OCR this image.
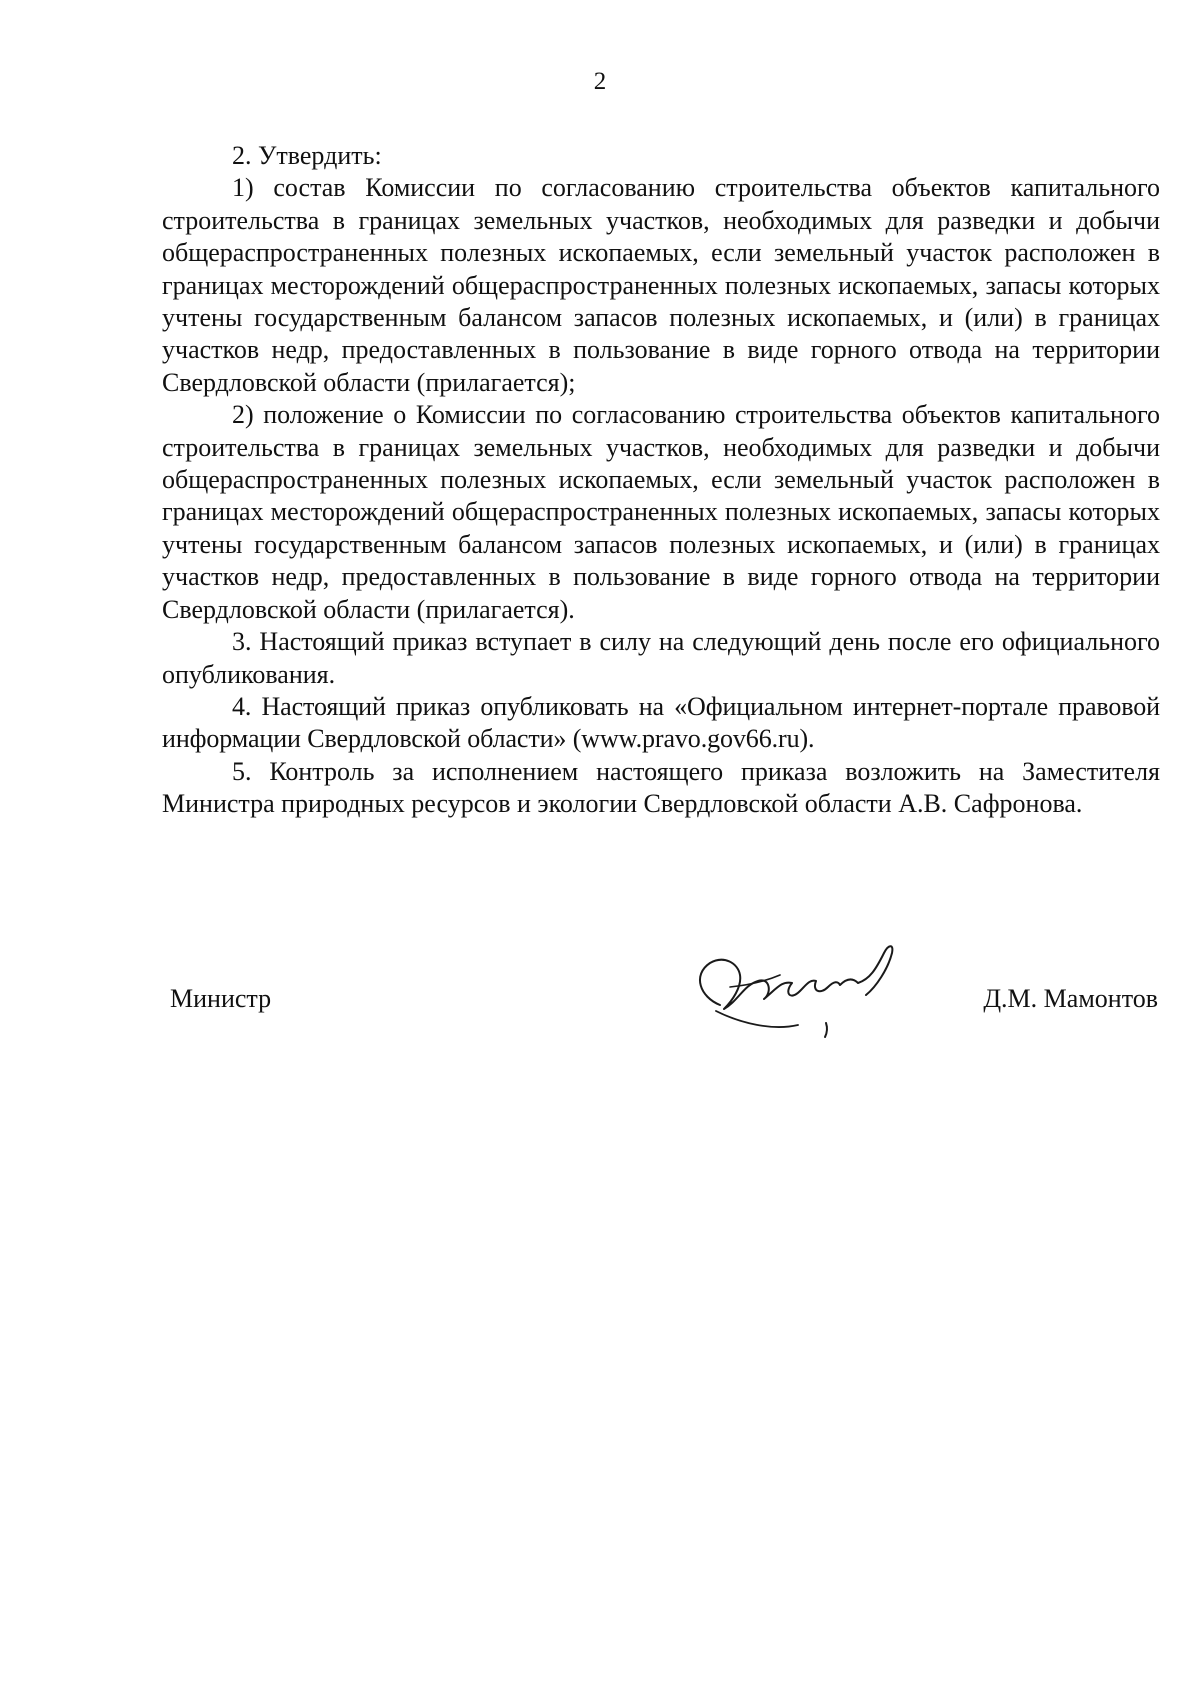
2

2. Утвердить:

1) состав Комиссии по согласованию строительства объектов капитального строительства в границах земельных участков, необходимых для разведки и добычи общераспространенных полезных ископаемых, если земельный участок расположен в границах месторождений общераспространенных полезных ископаемых, запасы которых учтены государственным балансом запасов полезных ископаемых, и (или) в границах участков недр, предоставленных в пользование в виде горного отвода на территории Свердловской области (прилагается);

2) положение о Комиссии по согласованию строительства объектов капитального строительства в границах земельных участков, необходимых для разведки и добычи общераспространенных полезных ископаемых, если земельный участок расположен в границах месторождений общераспространенных полезных ископаемых, запасы которых учтены государственным балансом запасов полезных ископаемых, и (или) в границах участков недр, предоставленных в пользование в виде горного отвода на территории Свердловской области (прилагается).

3. Настоящий приказ вступает в силу на следующий день после его официального опубликования.

4. Настоящий приказ опубликовать на «Официальном интернет-портале правовой информации Свердловской области» (www.pravo.gov66.ru).

5. Контроль за исполнением настоящего приказа возложить на Заместителя Министра природных ресурсов и экологии Свердловской области А.В. Сафронова.

Министр	Д.М. Мамонтов
